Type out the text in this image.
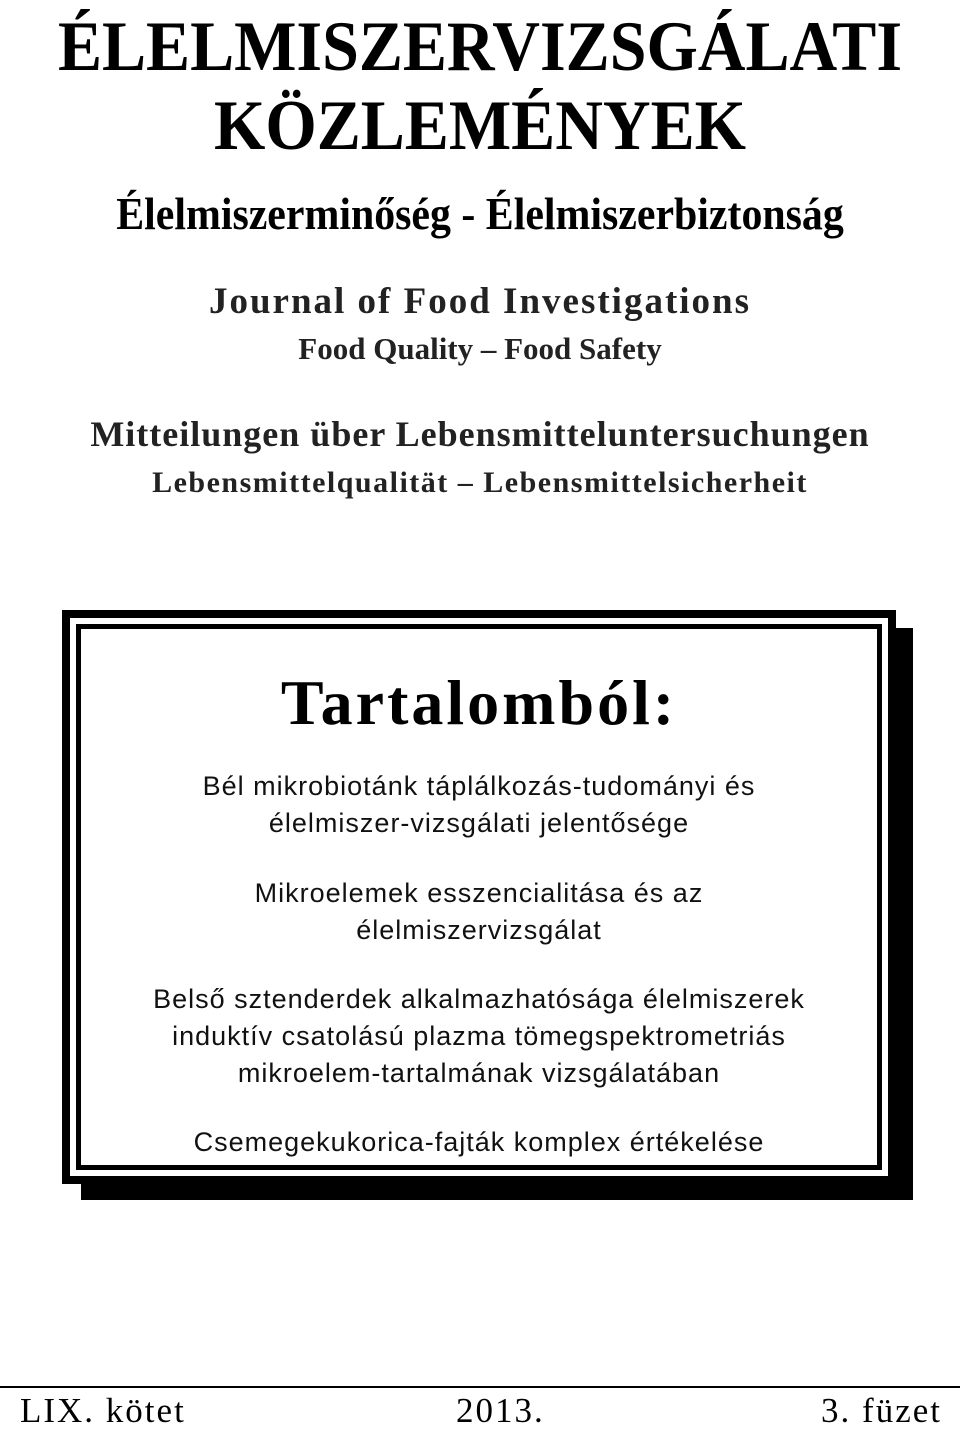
ÉLELMISZERVIZSGÁLATI
KÖZLEMÉNYEK
Élelmiszerminőség - Élelmiszerbiztonság
Journal of Food Investigations
Food Quality – Food Safety
Mitteilungen über Lebensmitteluntersuchungen
Lebensmittelqualität – Lebensmittelsicherheit
Tartalomból:
Bél mikrobiotánk táplálkozás-tudományi és
élelmiszer-vizsgálati jelentősége
Mikroelemek esszencialitása és az
élelmiszervizsgálat
Belső sztenderdek alkalmazhatósága élelmiszerek
induktív csatolású plazma tömegspektrometriás
mikroelem-tartalmának vizsgálatában
Csemegekukorica-fajták komplex értékelése
LIX. kötet	2013.	3. füzet
